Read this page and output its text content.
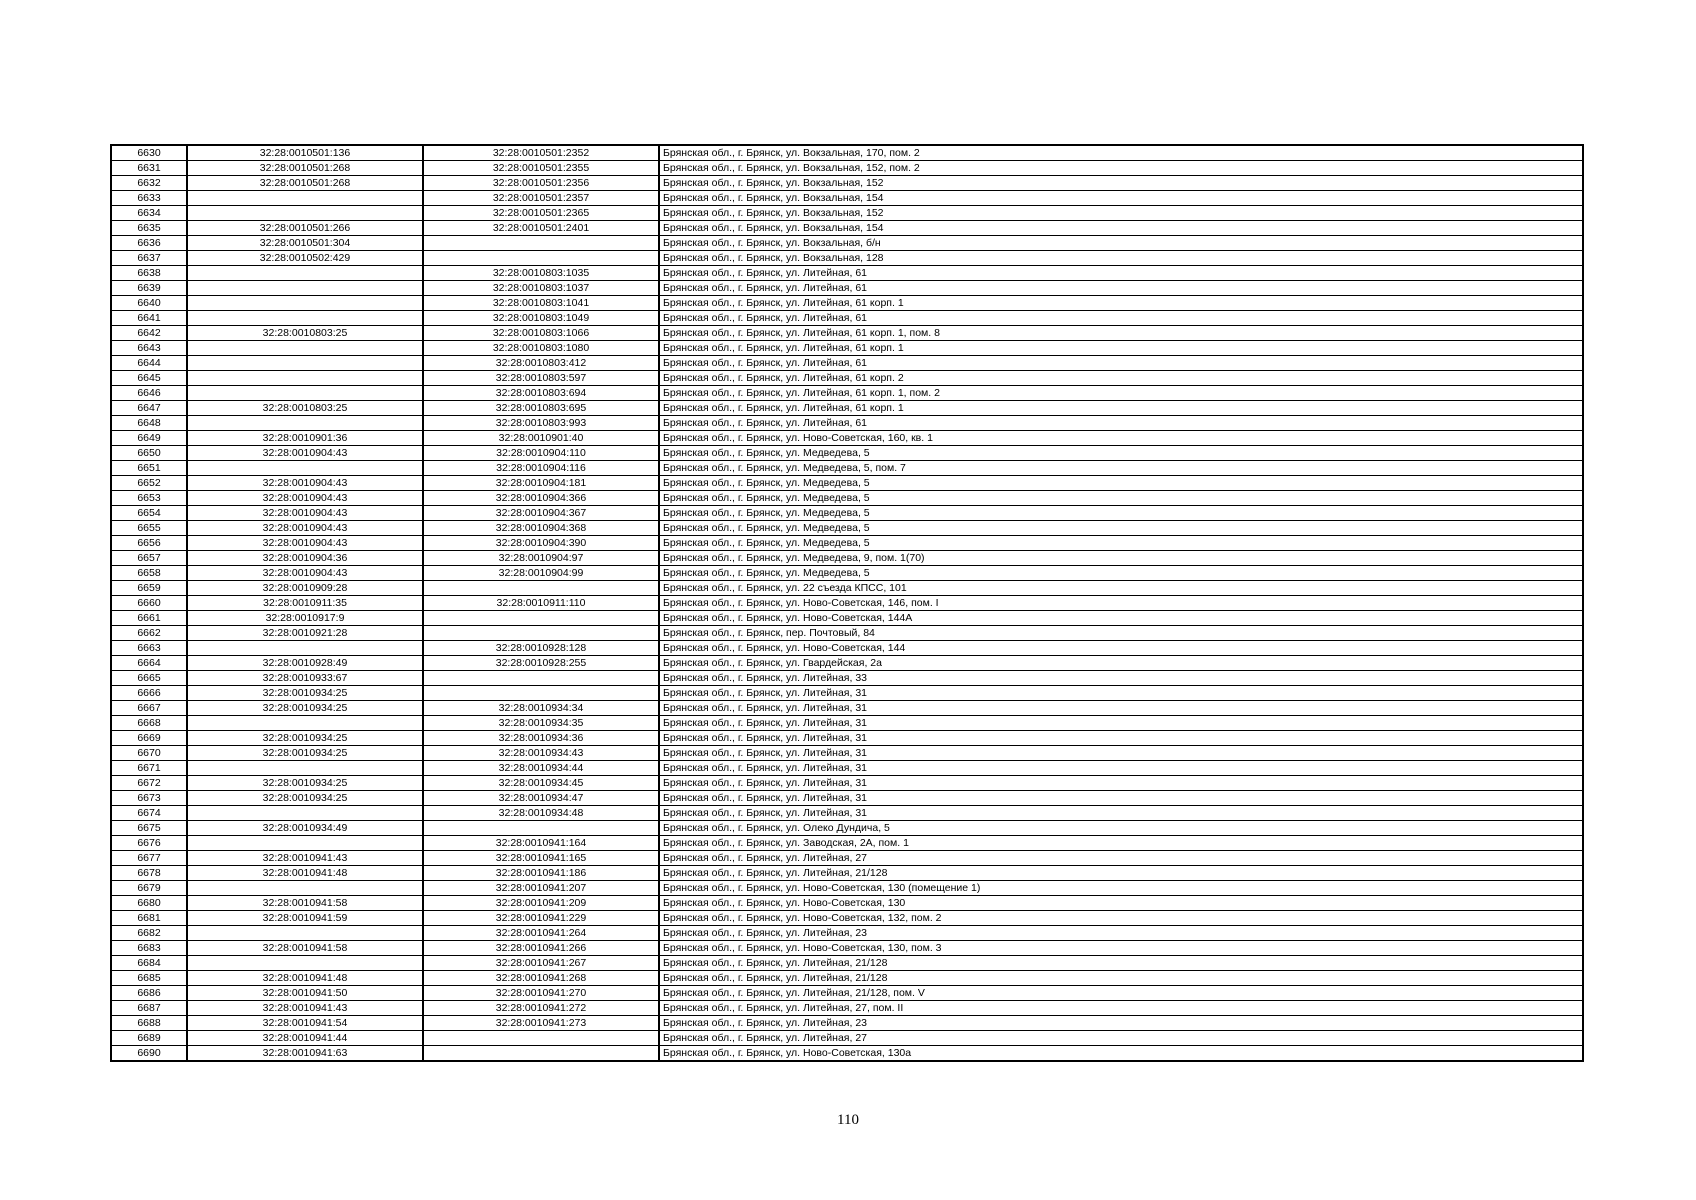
6630	32:28:0010501:136	32:28:0010501:2352	Брянская обл., г. Брянск, ул. Вокзальная, 170, пом. 2
6631	32:28:0010501:268	32:28:0010501:2355	Брянская обл., г. Брянск, ул. Вокзальная, 152, пом. 2
6632	32:28:0010501:268	32:28:0010501:2356	Брянская обл., г. Брянск, ул. Вокзальная, 152
6633		32:28:0010501:2357	Брянская обл., г. Брянск, ул. Вокзальная, 154
6634		32:28:0010501:2365	Брянская обл., г. Брянск, ул. Вокзальная, 152
6635	32:28:0010501:266	32:28:0010501:2401	Брянская обл., г. Брянск, ул. Вокзальная, 154
6636	32:28:0010501:304		Брянская обл., г. Брянск, ул. Вокзальная, б/н
6637	32:28:0010502:429		Брянская обл., г. Брянск, ул. Вокзальная, 128
6638		32:28:0010803:1035	Брянская обл., г. Брянск, ул. Литейная, 61
6639		32:28:0010803:1037	Брянская обл., г. Брянск, ул. Литейная, 61
6640		32:28:0010803:1041	Брянская обл., г. Брянск, ул. Литейная, 61 корп. 1
6641		32:28:0010803:1049	Брянская обл., г. Брянск, ул. Литейная, 61
6642	32:28:0010803:25	32:28:0010803:1066	Брянская обл., г. Брянск, ул. Литейная, 61 корп. 1, пом. 8
6643		32:28:0010803:1080	Брянская обл., г. Брянск, ул. Литейная, 61 корп. 1
6644		32:28:0010803:412	Брянская обл., г. Брянск, ул. Литейная, 61
6645		32:28:0010803:597	Брянская обл., г. Брянск, ул. Литейная, 61 корп. 2
6646		32:28:0010803:694	Брянская обл., г. Брянск, ул. Литейная, 61 корп. 1, пом. 2
6647	32:28:0010803:25	32:28:0010803:695	Брянская обл., г. Брянск, ул. Литейная, 61 корп. 1
6648		32:28:0010803:993	Брянская обл., г. Брянск, ул. Литейная, 61
6649	32:28:0010901:36	32:28:0010901:40	Брянская обл., г. Брянск, ул. Ново-Советская, 160, кв. 1
6650	32:28:0010904:43	32:28:0010904:110	Брянская обл., г. Брянск, ул. Медведева, 5
6651		32:28:0010904:116	Брянская обл., г. Брянск, ул. Медведева, 5, пом. 7
6652	32:28:0010904:43	32:28:0010904:181	Брянская обл., г. Брянск, ул. Медведева, 5
6653	32:28:0010904:43	32:28:0010904:366	Брянская обл., г. Брянск, ул. Медведева, 5
6654	32:28:0010904:43	32:28:0010904:367	Брянская обл., г. Брянск, ул. Медведева, 5
6655	32:28:0010904:43	32:28:0010904:368	Брянская обл., г. Брянск, ул. Медведева, 5
6656	32:28:0010904:43	32:28:0010904:390	Брянская обл., г. Брянск, ул. Медведева, 5
6657	32:28:0010904:36	32:28:0010904:97	Брянская обл., г. Брянск, ул. Медведева, 9, пом. 1(70)
6658	32:28:0010904:43	32:28:0010904:99	Брянская обл., г. Брянск, ул. Медведева, 5
6659	32:28:0010909:28		Брянская обл., г. Брянск, ул. 22 съезда КПСС, 101
6660	32:28:0010911:35	32:28:0010911:110	Брянская обл., г. Брянск, ул. Ново-Советская, 146, пом. I
6661	32:28:0010917:9		Брянская обл., г. Брянск, ул. Ново-Советская, 144А
6662	32:28:0010921:28		Брянская обл., г. Брянск, пер. Почтовый, 84
6663		32:28:0010928:128	Брянская обл., г. Брянск, ул. Ново-Советская, 144
6664	32:28:0010928:49	32:28:0010928:255	Брянская обл., г. Брянск, ул. Гвардейская, 2а
6665	32:28:0010933:67		Брянская обл., г. Брянск, ул. Литейная, 33
6666	32:28:0010934:25		Брянская обл., г. Брянск, ул. Литейная, 31
6667	32:28:0010934:25	32:28:0010934:34	Брянская обл., г. Брянск, ул. Литейная, 31
6668		32:28:0010934:35	Брянская обл., г. Брянск, ул. Литейная, 31
6669	32:28:0010934:25	32:28:0010934:36	Брянская обл., г. Брянск, ул. Литейная, 31
6670	32:28:0010934:25	32:28:0010934:43	Брянская обл., г. Брянск, ул. Литейная, 31
6671		32:28:0010934:44	Брянская обл., г. Брянск, ул. Литейная, 31
6672	32:28:0010934:25	32:28:0010934:45	Брянская обл., г. Брянск, ул. Литейная, 31
6673	32:28:0010934:25	32:28:0010934:47	Брянская обл., г. Брянск, ул. Литейная, 31
6674		32:28:0010934:48	Брянская обл., г. Брянск, ул. Литейная, 31
6675	32:28:0010934:49		Брянская обл., г. Брянск, ул. Олеко Дундича, 5
6676		32:28:0010941:164	Брянская обл., г. Брянск, ул. Заводская, 2А, пом. 1
6677	32:28:0010941:43	32:28:0010941:165	Брянская обл., г. Брянск, ул. Литейная, 27
6678	32:28:0010941:48	32:28:0010941:186	Брянская обл., г. Брянск, ул. Литейная, 21/128
6679		32:28:0010941:207	Брянская обл., г. Брянск, ул. Ново-Советская, 130 (помещение 1)
6680	32:28:0010941:58	32:28:0010941:209	Брянская обл., г. Брянск, ул. Ново-Советская, 130
6681	32:28:0010941:59	32:28:0010941:229	Брянская обл., г. Брянск, ул. Ново-Советская, 132, пом. 2
6682		32:28:0010941:264	Брянская обл., г. Брянск, ул. Литейная, 23
6683	32:28:0010941:58	32:28:0010941:266	Брянская обл., г. Брянск, ул. Ново-Советская, 130, пом. 3
6684		32:28:0010941:267	Брянская обл., г. Брянск, ул. Литейная, 21/128
6685	32:28:0010941:48	32:28:0010941:268	Брянская обл., г. Брянск, ул. Литейная, 21/128
6686	32:28:0010941:50	32:28:0010941:270	Брянская обл., г. Брянск, ул. Литейная, 21/128, пом. V
6687	32:28:0010941:43	32:28:0010941:272	Брянская обл., г. Брянск, ул. Литейная, 27, пом. II
6688	32:28:0010941:54	32:28:0010941:273	Брянская обл., г. Брянск, ул. Литейная, 23
6689	32:28:0010941:44		Брянская обл., г. Брянск, ул. Литейная, 27
6690	32:28:0010941:63		Брянская обл., г. Брянск, ул. Ново-Советская, 130а
110
